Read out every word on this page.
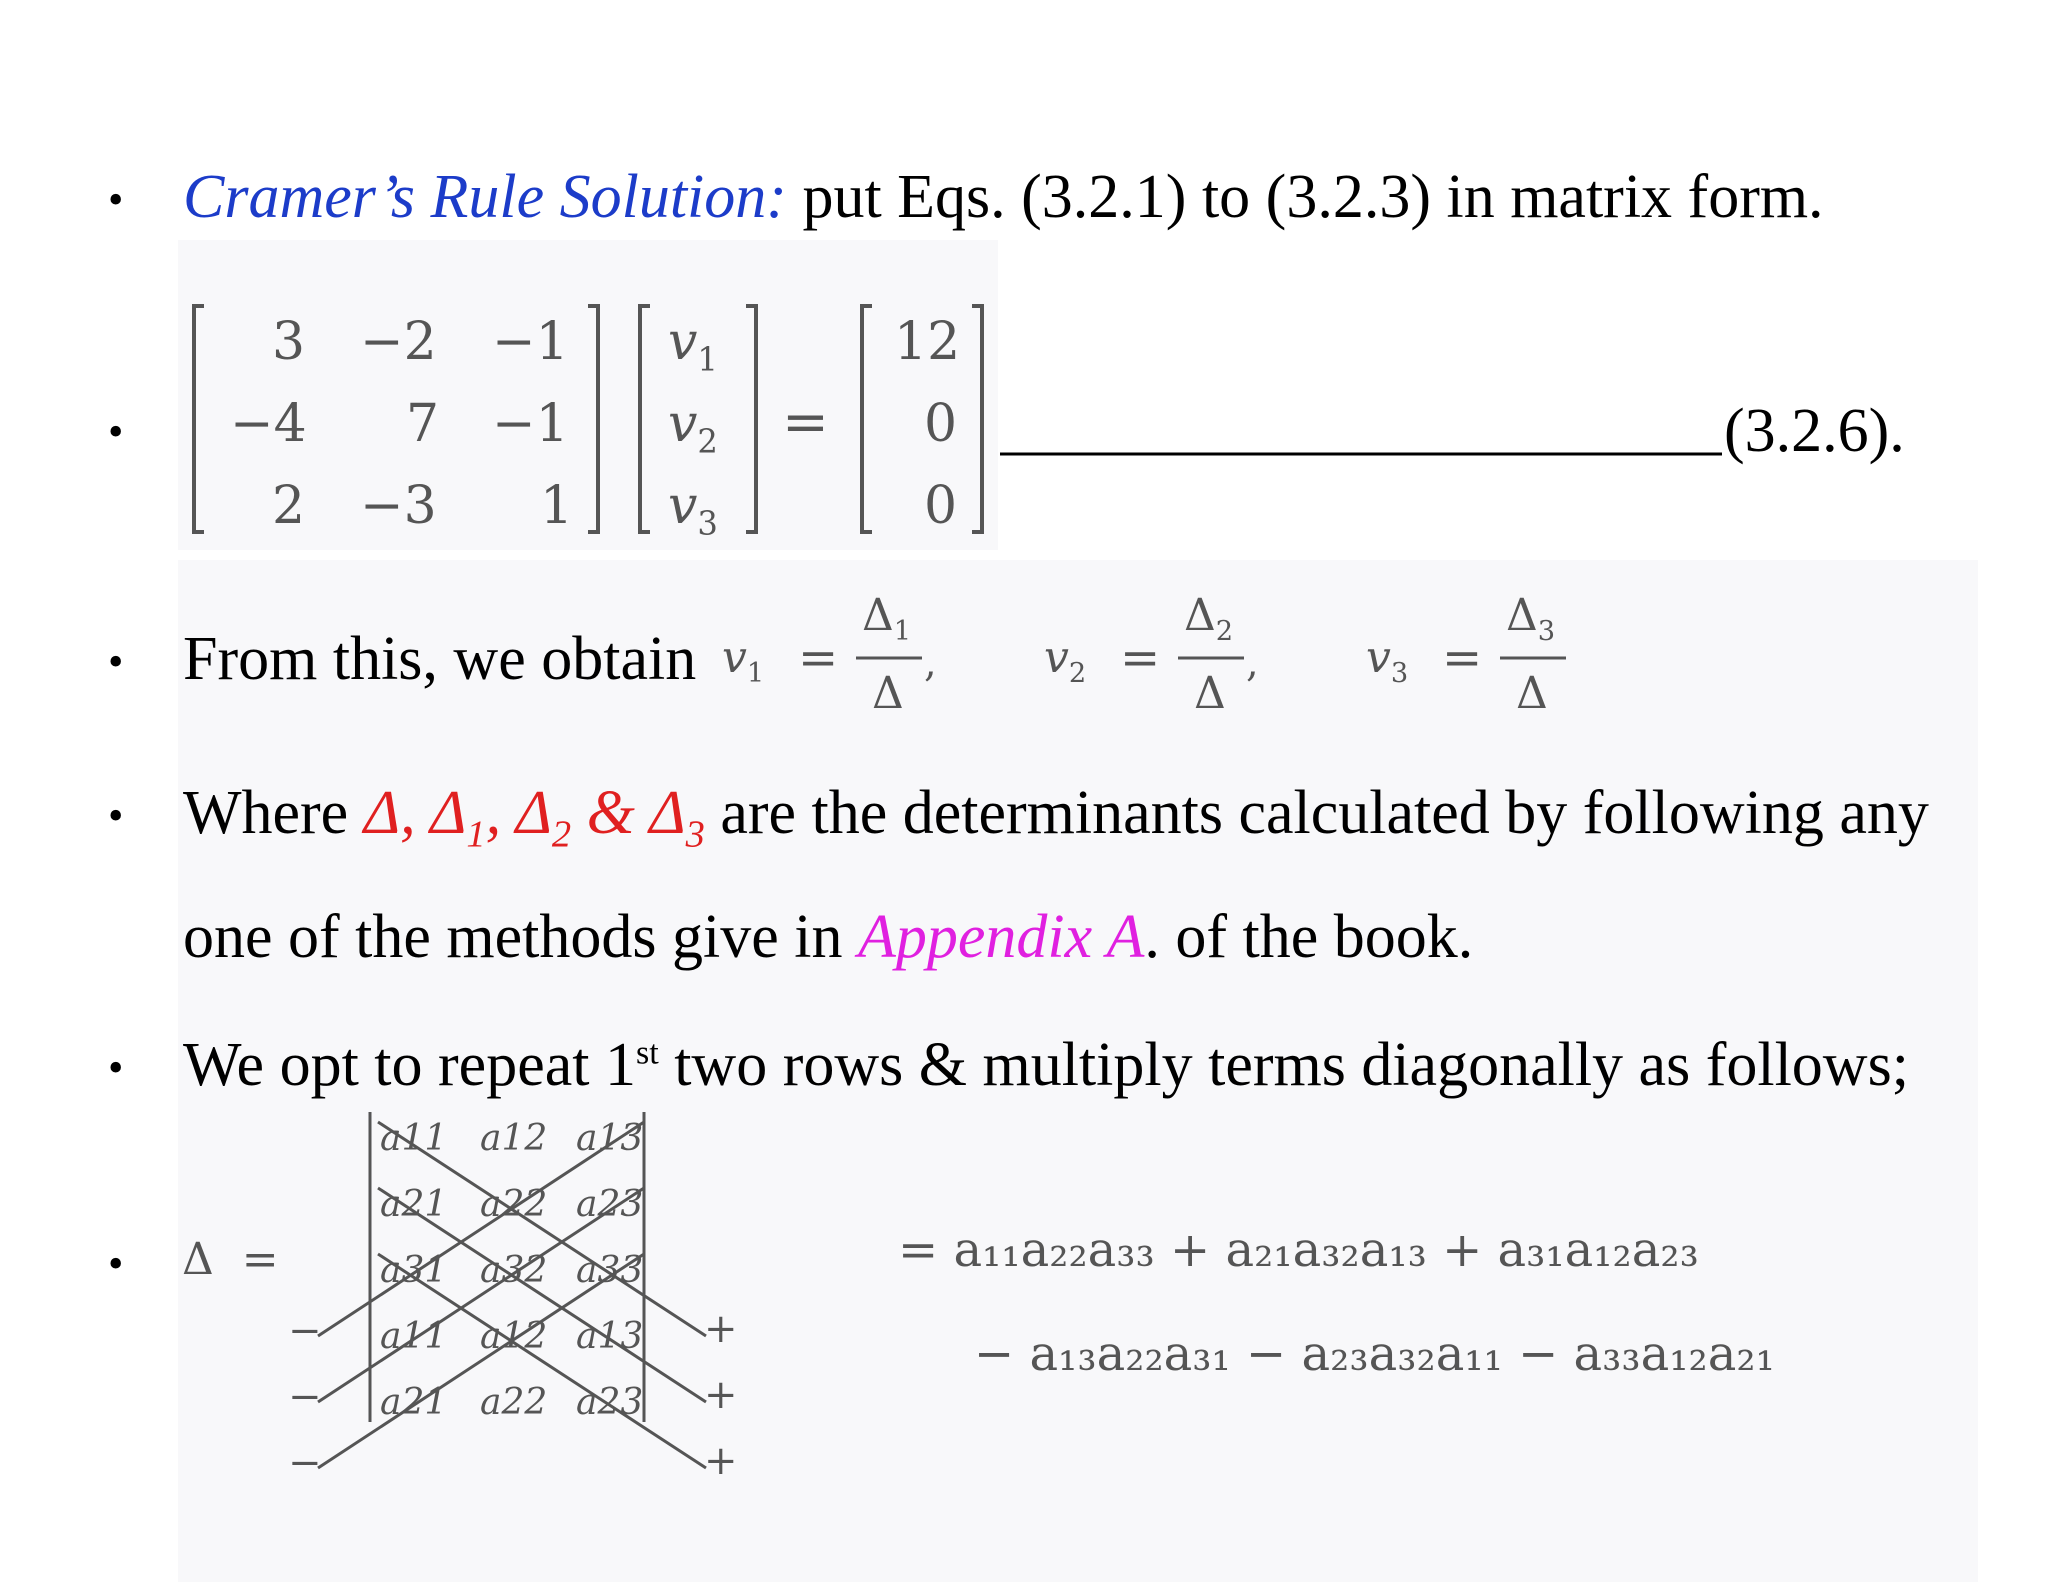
• Cramer’s Rule Solution: put Eqs. (3.2.1) to (3.2.3) in matrix form.
•
3 −2 −1
−4 7 −1
2 −3 1
$v_1$
$v_2$
$v_3$
=
12
0
0
(3.2.6).
• From this, we obtain $v_1$ =
$\Delta_1$
Δ
, $v_2$ =
$\Delta_2$
Δ
, $v_3$ =
$\Delta_3$
Δ
• Where Δ, $\Delta_1$, $\Delta_2$ & $\Delta_3$ are the determinants calculated by following any
one of the methods give in Appendix A. of the book.
• We opt to repeat 1st two rows & multiply terms diagonally as follows;
• Δ  =
a11 a12 a13
a21 a22 a23
a31 a32 a33
a11 a12 a13
a21 a22 a23
−
−
−
+
+
+
= a₁₁a₂₂a₃₃ + a₂₁a₃₂a₁₃ + a₃₁a₁₂a₂₃
− a₁₃a₂₂a₃₁ − a₂₃a₃₂a₁₁ − a₃₃a₁₂a₂₁
